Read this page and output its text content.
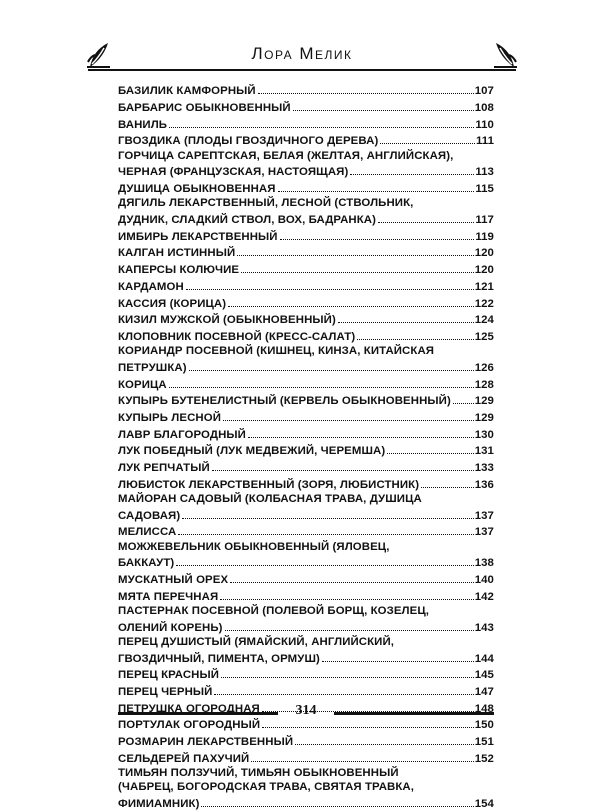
Лора Мелик
БАЗИЛИК КАМФОРНЫЙ	107
БАРБАРИС ОБЫКНОВЕННЫЙ	108
ВАНИЛЬ	110
ГВОЗДИКА (ПЛОДЫ ГВОЗДИЧНОГО ДЕРЕВА)	111
ГОРЧИЦА САРЕПТСКАЯ, БЕЛАЯ (ЖЕЛТАЯ, АНГЛИЙСКАЯ),
ЧЕРНАЯ (ФРАНЦУЗСКАЯ, НАСТОЯЩАЯ)	113
ДУШИЦА ОБЫКНОВЕННАЯ	115
ДЯГИЛЬ ЛЕКАРСТВЕННЫЙ, ЛЕСНОЙ (СТВОЛЬНИК,
ДУДНИК, СЛАДКИЙ СТВОЛ, ВОХ, БАДРАНКА)	117
ИМБИРЬ ЛЕКАРСТВЕННЫЙ	119
КАЛГАН ИСТИННЫЙ	120
КАПЕРСЫ КОЛЮЧИЕ	120
КАРДАМОН	121
КАССИЯ (КОРИЦА)	122
КИЗИЛ МУЖСКОЙ (ОБЫКНОВЕННЫЙ)	124
КЛОПОВНИК ПОСЕВНОЙ (КРЕСС-САЛАТ)	125
КОРИАНДР ПОСЕВНОЙ (КИШНЕЦ, КИНЗА, КИТАЙСКАЯ
ПЕТРУШКА)	126
КОРИЦА	128
КУПЫРЬ БУТЕНЕЛИСТНЫЙ (КЕРВЕЛЬ ОБЫКНОВЕННЫЙ) 129
КУПЫРЬ ЛЕСНОЙ	129
ЛАВР БЛАГОРОДНЫЙ	130
ЛУК ПОБЕДНЫЙ (ЛУК МЕДВЕЖИЙ, ЧЕРЕМША)	131
ЛУК РЕПЧАТЫЙ	133
ЛЮБИСТОК ЛЕКАРСТВЕННЫЙ (ЗОРЯ, ЛЮБИСТНИК)	136
МАЙОРАН САДОВЫЙ (КОЛБАСНАЯ ТРАВА, ДУШИЦА
САДОВАЯ)	137
МЕЛИССА	137
МОЖЖЕВЕЛЬНИК ОБЫКНОВЕННЫЙ (ЯЛОВЕЦ,
БАККАУТ)	138
МУСКАТНЫЙ ОРЕХ	140
МЯТА ПЕРЕЧНАЯ	142
ПАСТЕРНАК ПОСЕВНОЙ (ПОЛЕВОЙ БОРЩ, КОЗЕЛЕЦ,
ОЛЕНИЙ КОРЕНЬ)	143
ПЕРЕЦ ДУШИСТЫЙ (ЯМАЙСКИЙ, АНГЛИЙСКИЙ,
ГВОЗДИЧНЫЙ, ПИМЕНТА, ОРМУШ)	144
ПЕРЕЦ КРАСНЫЙ	145
ПЕРЕЦ ЧЕРНЫЙ	147
ПЕТРУШКА ОГОРОДНАЯ	148
ПОРТУЛАК ОГОРОДНЫЙ	150
РОЗМАРИН ЛЕКАРСТВЕННЫЙ	151
СЕЛЬДЕРЕЙ ПАХУЧИЙ	152
ТИМЬЯН ПОЛЗУЧИЙ, ТИМЬЯН ОБЫКНОВЕННЫЙ
(ЧАБРЕЦ, БОГОРОДСКАЯ ТРАВА, СВЯТАЯ ТРАВКА,
ФИМИАМНИК)	154
314
